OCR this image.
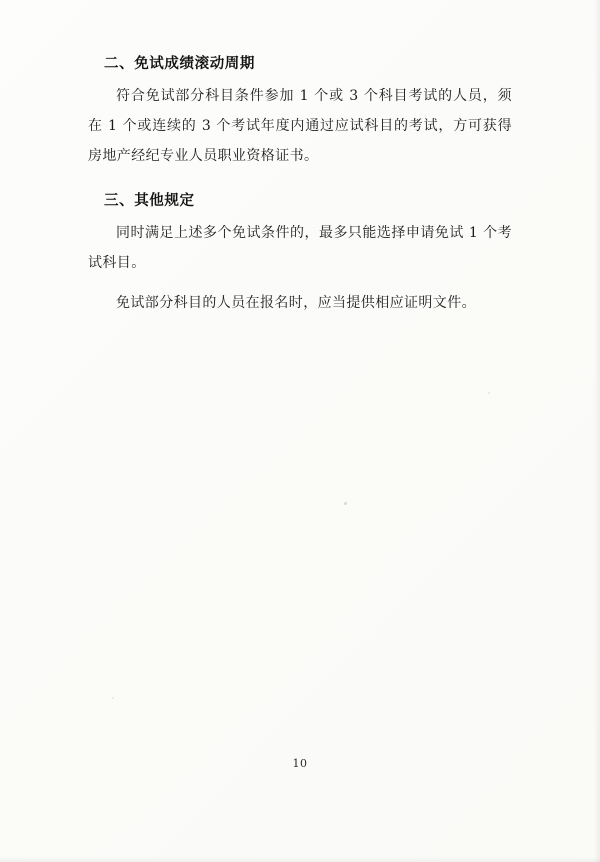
二、免试成绩滚动周期

符合免试部分科目条件参加 1 个或 3 个科目考试的人员，须在 1 个或连续的 3 个考试年度内通过应试科目的考试，方可获得房地产经纪专业人员职业资格证书。

三、其他规定

同时满足上述多个免试条件的，最多只能选择申请免试 1 个考试科目。

免试部分科目的人员在报名时，应当提供相应证明文件。

10
